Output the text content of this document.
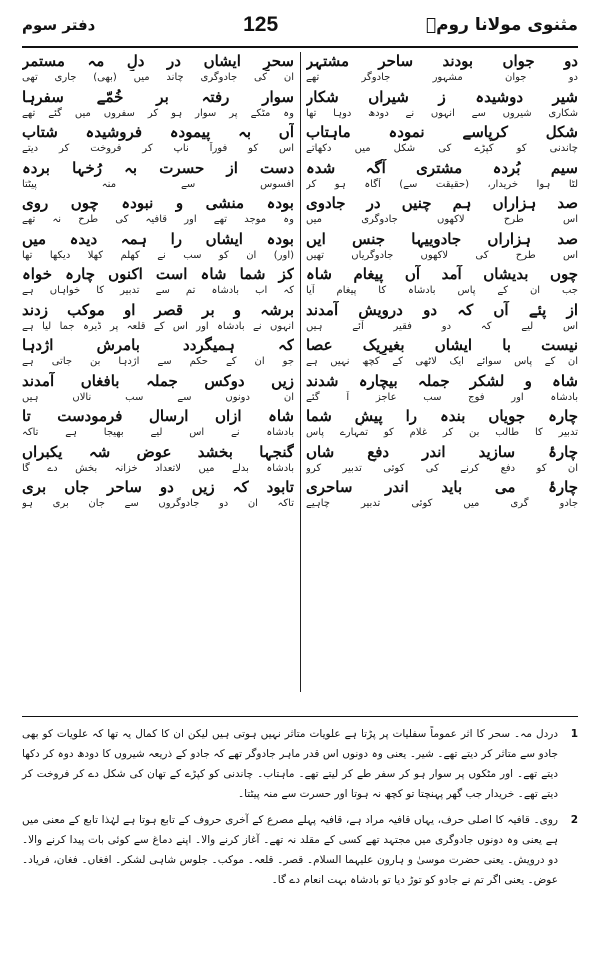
مثنوی مولانا رومؒ
125
دفتر سوم
دو جواں بودند ساحر مشتہر
دو جوان مشہور جادوگر تھے
شیر دوشیدہ ز شیراں شکار
شکاری شیروں سے انہوں نے دودھ دوہا تھا
شکل کرپاسے نمودہ ماہتاب
چاندنی کو کپڑے کی شکل میں دکھاتے
سیم بُردہ مشتری آگہ شدہ
لٹا ہوا خریدار، (حقیقت سے) آگاہ ہو کر
صد ہزاراں ہم چنیں در جادوی
اس طرح لاکھوں جادوگری میں
صد ہزاراں جادوییہا جنس ایں
اس طرح کی لاکھوں جادوگریاں تھیں
چوں بدیشاں آمد آں پیغام شاہ
جب ان کے پاس بادشاہ کا پیغام آیا
از پئے آں کہ دو درویش آمدند
اس لیے کہ دو فقیر آئے ہیں
نیست با ایشاں بغیرِیک عصا
ان کے پاس سوائے ایک لاٹھی کے کچھ نہیں ہے
شاہ و لشکر جملہ بیچارہ شدند
بادشاہ اور فوج سب عاجز آ گئے
چارہ جویاں بندہ را پیشِ شما
تدبیر کا طالب بن کر غلام کو تمہارے پاس
چارۂ سازید اندر دفعِ شاں
ان کو دفع کرنے کی کوئی تدبیر کرو
چارۂ می باید اندر ساحری
جادو گری میں کوئی تدبیر چاہیے
سحرِ ایشاں در دلِ مہ مستمر
ان کی جادوگری چاند میں (بھی) جاری تھی
سوار رفتہ بر خُمّے سفرہا
وہ مٹکے پر سوار ہو کر سفروں میں گئے تھے
آں بہ پیمودہ فروشیدہ شتاب
اس کو فوراً ناپ کر فروخت کر دیتے
دست از حسرت بہ رُخہا بردہ
افسوس سے منہ پیٹتا
بودہ منشی و نبودہ چوں روی
وہ موجد تھے اور قافیہ کی طرح نہ تھے
بودہ ایشاں را ہمہ دیدہ میں
(اور) ان کو سب نے کھلم کھلا دیکھا تھا
کز شما شاہ است اکنوں چارہ خواہ
کہ اب بادشاہ تم سے تدبیر کا خواہاں ہے
برشہ و بر قصر او موکب زدند
انہوں نے بادشاہ اور اس کے قلعہ پر ڈیرہ جما لیا ہے
کہ ہمیگردد بامرش اژدہا
جو ان کے حکم سے اژدہا بن جاتی ہے
زیں دوکس جملہ بافغاں آمدند
ان دونوں سے سب نالاں ہیں
شاہ ازاں ارسال فرمودست تا
بادشاہ نے اس لیے بھیجا ہے تاکہ
گنجہا بخشد عوض شہ یکبراں
بادشاہ بدلے میں لاتعداد خزانہ بخش دے گا
تابود کہ زیں دو ساحر جاں بری
تاکہ ان دو جادوگروں سے جان بری ہو
1
دردل مہ۔ سحر کا اثر عموماً سفلیات پر پڑتا ہے علویات متاثر نہیں ہوتی ہیں لیکن ان کا کمال یہ تھا کہ علویات کو بھی جادو سے متاثر کر دیتے تھے۔ شیر۔ یعنی وہ دونوں اس قدر ماہر جادوگر تھے کہ جادو کے ذریعہ شیروں کا دودھ دوہ کر دکھا دیتے تھے۔ اور مٹکوں پر سوار ہو کر سفر طے کر لیتے تھے۔ ماہتاب۔ چاندنی کو کپڑے کے تھان کی شکل دے کر فروخت کر دیتے تھے۔ خریدار جب گھر پہنچتا تو کچھ نہ ہوتا اور حسرت سے منہ پیٹتا۔
2
روی۔ قافیہ کا اصلی حرف، یہاں قافیہ مراد ہے، قافیہ پہلے مصرع کے آخری حروف کے تابع ہوتا ہے لہٰذا تابع کے معنی میں ہے یعنی وہ دونوں جادوگری میں مجتہد تھے کسی کے مقلد نہ تھے۔ آغاز کرنے والا۔ اپنے دماغ سے کوئی بات پیدا کرنے والا۔ دو درویش۔ یعنی حضرت موسیٰ و ہارون علیہما السلام۔ قصر۔ قلعہ۔ موکب۔ جلوس شاہی لشکر۔ افغاں۔ فغان، فریاد۔ عوض۔ یعنی اگر تم نے جادو کو توڑ دیا تو بادشاہ بہت انعام دے گا۔
